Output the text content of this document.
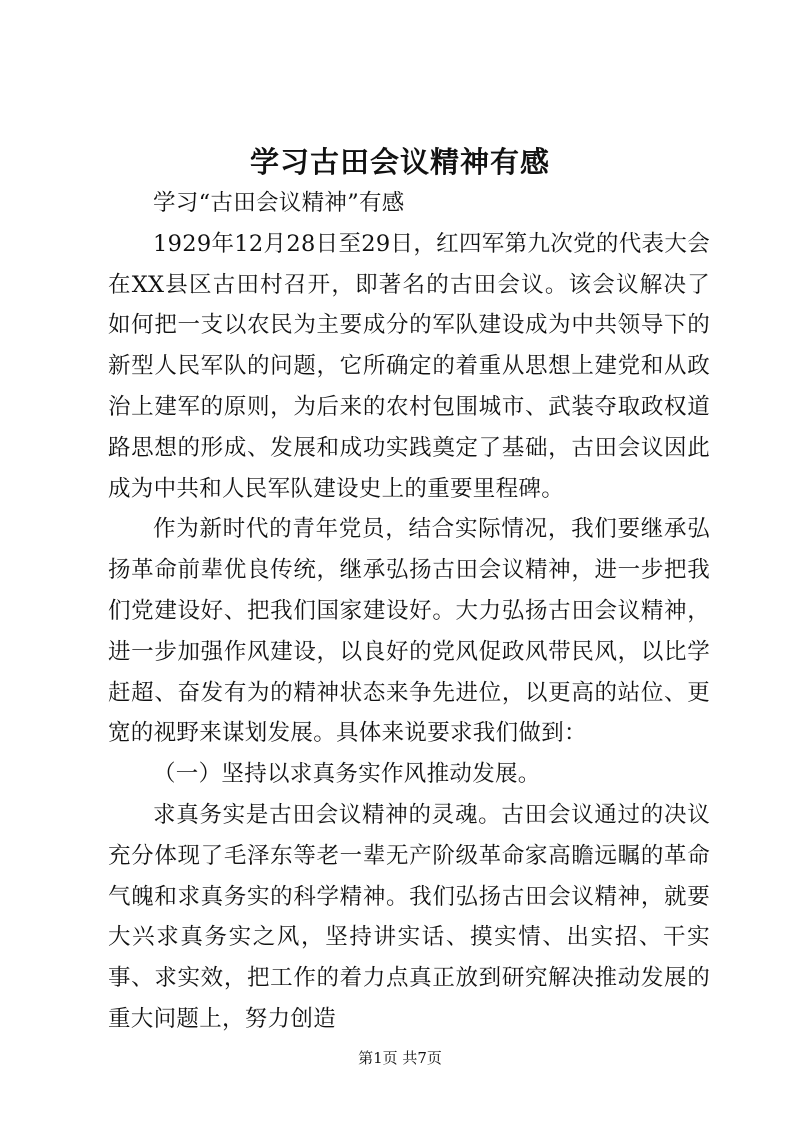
学习古田会议精神有感

学习“古田会议精神”有感

1929年12月28日至29日，红四军第九次党的代表大会在XX县区古田村召开，即著名的古田会议。该会议解决了如何把一支以农民为主要成分的军队建设成为中共领导下的新型人民军队的问题，它所确定的着重从思想上建党和从政治上建军的原则，为后来的农村包围城市、武装夺取政权道路思想的形成、发展和成功实践奠定了基础，古田会议因此成为中共和人民军队建设史上的重要里程碑。

作为新时代的青年党员，结合实际情况，我们要继承弘扬革命前辈优良传统，继承弘扬古田会议精神，进一步把我们党建设好、把我们国家建设好。大力弘扬古田会议精神，进一步加强作风建设，以良好的党风促政风带民风，以比学赶超、奋发有为的精神状态来争先进位，以更高的站位、更宽的视野来谋划发展。具体来说要求我们做到：

（一）坚持以求真务实作风推动发展。

求真务实是古田会议精神的灵魂。古田会议通过的决议充分体现了毛泽东等老一辈无产阶级革命家高瞻远瞩的革命气魄和求真务实的科学精神。我们弘扬古田会议精神，就要大兴求真务实之风，坚持讲实话、摸实情、出实招、干实事、求实效，把工作的着力点真正放到研究解决推动发展的重大问题上，努力创造

第1页 共7页
